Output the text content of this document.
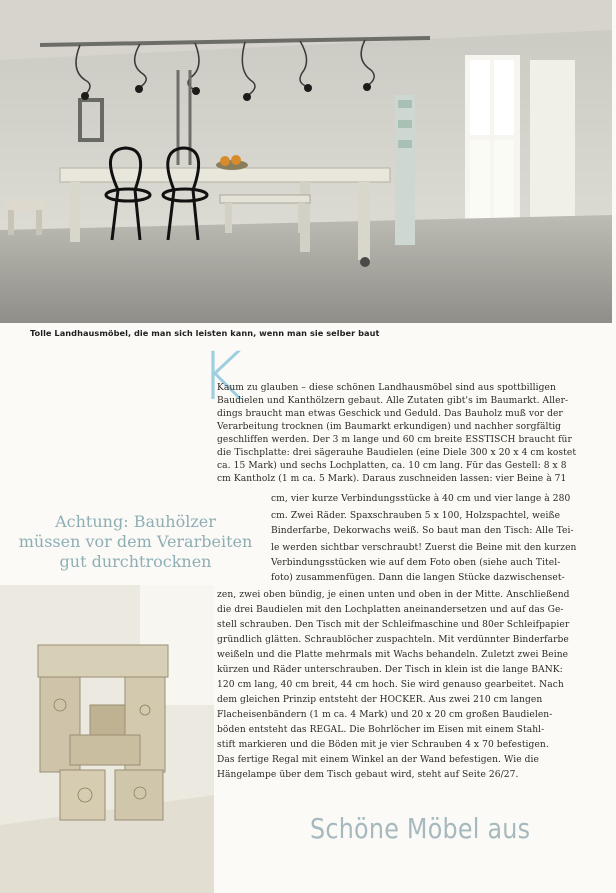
Tolle Landhausmöbel, die man sich leisten kann, wenn man sie selber baut
K
Kaum zu glauben – diese schönen Landhausmöbel sind aus spottbilligen
Baudielen und Kanthölzern gebaut. Alle Zutaten gibt's im Baumarkt. Aller-
dings braucht man etwas Geschick und Geduld. Das Bauholz muß vor der
Verarbeitung trocknen (im Baumarkt erkundigen) und nachher sorgfältig
geschliffen werden. Der 3 m lange und 60 cm breite ESSTISCH braucht für
die Tischplatte: drei sägerauhe Baudielen (eine Diele 300 x 20 x 4 cm kostet
ca. 15 Mark) und sechs Lochplatten, ca. 10 cm lang. Für das Gestell: 8 x 8
cm Kantholz (1 m ca. 5 Mark). Daraus zuschneiden lassen: vier Beine à 71
cm, vier kurze Verbindungsstücke à 40 cm und vier lange à 280
cm. Zwei Räder. Spaxschrauben 5 x 100, Holzspachtel, weiße
Binderfarbe, Dekorwachs weiß. So baut man den Tisch: Alle Tei-
le werden sichtbar verschraubt! Zuerst die Beine mit den kurzen
Verbindungsstücken wie auf dem Foto oben (siehe auch Titel-
foto) zusammenfügen. Dann die langen Stücke dazwischenset-
zen, zwei oben bündig, je einen unten und oben in der Mitte. Anschließend
die drei Baudielen mit den Lochplatten aneinandersetzen und auf das Ge-
stell schrauben. Den Tisch mit der Schleifmaschine und 80er Schleifpapier
gründlich glätten. Schraublöcher zuspachteln. Mit verdünnter Binderfarbe
weißeln und die Platte mehrmals mit Wachs behandeln. Zuletzt zwei Beine
kürzen und Räder unterschrauben. Der Tisch in klein ist die lange BANK:
120 cm lang, 40 cm breit, 44 cm hoch. Sie wird genauso gearbeitet. Nach
dem gleichen Prinzip entsteht der HOCKER. Aus zwei 210 cm langen
Flacheisenbändern (1 m ca. 4 Mark) und 20 x 20 cm großen Baudielen-
böden entsteht das REGAL. Die Bohrlöcher im Eisen mit einem Stahl-
stift markieren und die Böden mit je vier Schrauben 4 x 70 befestigen.
Das fertige Regal mit einem Winkel an der Wand befestigen. Wie die
Hängelampe über dem Tisch gebaut wird, steht auf Seite 26/27.
Achtung: Bauhölzer
müssen vor dem Verarbeiten
gut durchtrocknen
Schöne Möbel aus
